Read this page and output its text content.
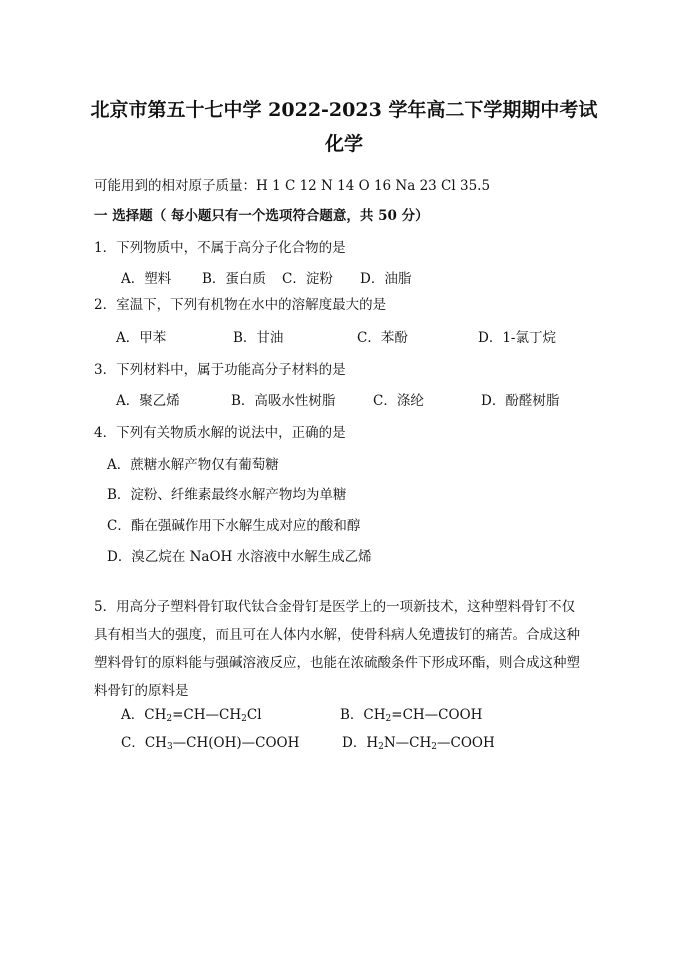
北京市第五十七中学 2022-2023 学年高二下学期期中考试
化学
可能用到的相对原子质量：H 1 C 12 N 14 O 16 Na 23 Cl 35.5
一 选择题（ 每小题只有一个选项符合题意，共 50 分）
1．下列物质中，不属于高分子化合物的是
A．塑料 B．蛋白质 C．淀粉 D．油脂
2．室温下，下列有机物在水中的溶解度最大的是
A．甲苯	B．甘油	C．苯酚	D．1-氯丁烷
3．下列材料中，属于功能高分子材料的是
A．聚乙烯	B．高吸水性树脂	C．涤纶	D．酚醛树脂
4．下列有关物质水解的说法中，正确的是
A．蔗糖水解产物仅有葡萄糖
B．淀粉、纤维素最终水解产物均为单糖
C．酯在强碱作用下水解生成对应的酸和醇
D．溴乙烷在 NaOH 水溶液中水解生成乙烯
5．用高分子塑料骨钉取代钛合金骨钉是医学上的一项新技术，这种塑料骨钉不仅
具有相当大的强度，而且可在人体内水解，使骨科病人免遭拔钉的痛苦。合成这种
塑料骨钉的原料能与强碱溶液反应，也能在浓硫酸条件下形成环酯，则合成这种塑
料骨钉的原料是
A．$CH_2=CH—CH_2Cl$	B．$CH_2=CH—COOH$
C．$CH_3—CH(OH)—COOH$	D．$H_2N—CH_2—COOH$
